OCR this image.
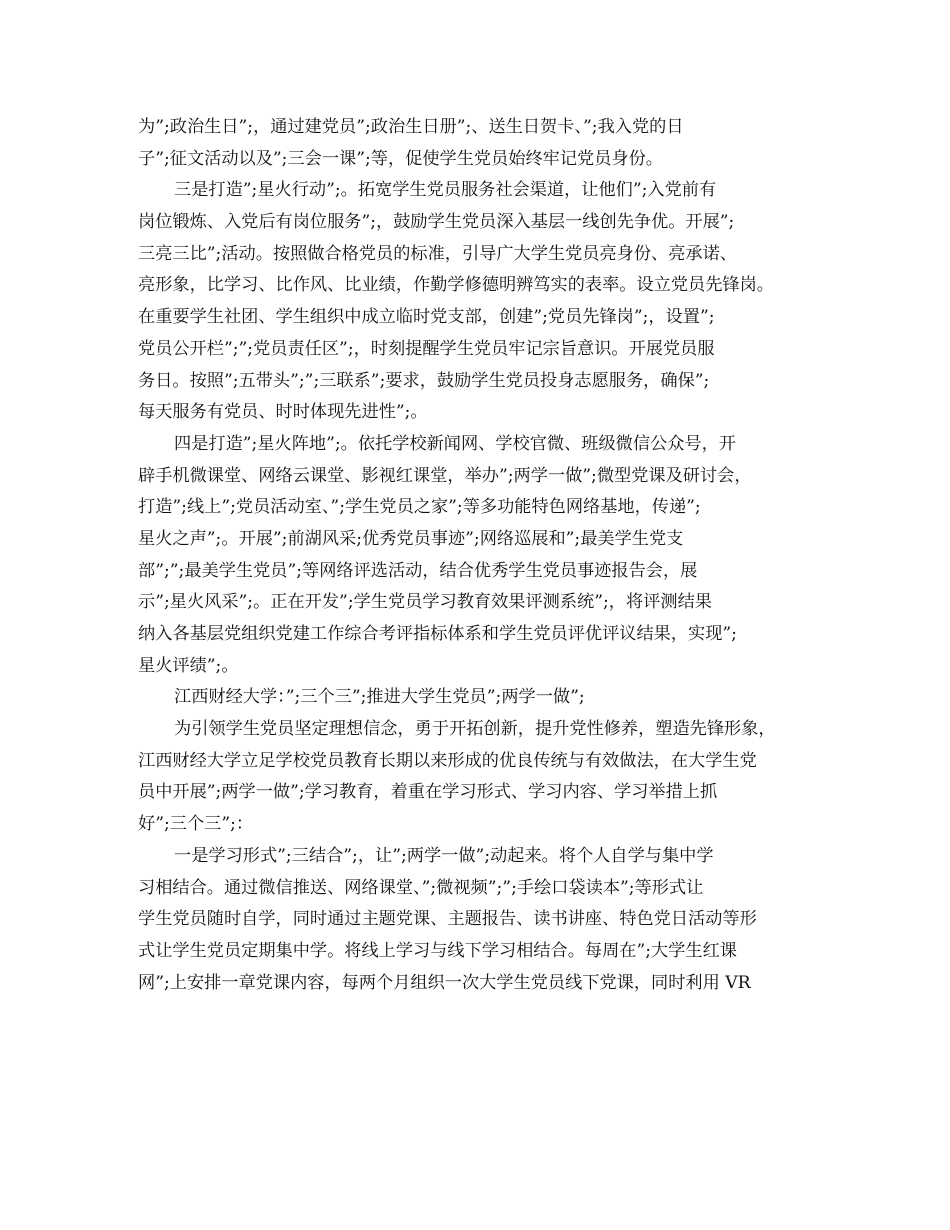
为”;政治生日”;，通过建党员”;政治生日册”;、送生日贺卡、”;我入党的日
子”;征文活动以及”;三会一课”;等，促使学生党员始终牢记党员身份。
三是打造”;星火行动”;。拓宽学生党员服务社会渠道，让他们”;入党前有
岗位锻炼、入党后有岗位服务”;，鼓励学生党员深入基层一线创先争优。开展”;
三亮三比”;活动。按照做合格党员的标准，引导广大学生党员亮身份、亮承诺、
亮形象，比学习、比作风、比业绩，作勤学修德明辨笃实的表率。设立党员先锋岗。
在重要学生社团、学生组织中成立临时党支部，创建”;党员先锋岗”;，设置”;
党员公开栏”;”;党员责任区”;，时刻提醒学生党员牢记宗旨意识。开展党员服
务日。按照”;五带头”;”;三联系”;要求，鼓励学生党员投身志愿服务，确保”;
每天服务有党员、时时体现先进性”;。
四是打造”;星火阵地”;。依托学校新闻网、学校官微、班级微信公众号，开
辟手机微课堂、网络云课堂、影视红课堂，举办”;两学一做”;微型党课及研讨会，
打造”;线上”;党员活动室、”;学生党员之家”;等多功能特色网络基地，传递”;
星火之声”;。开展”;前湖风采;优秀党员事迹”;网络巡展和”;最美学生党支
部”;”;最美学生党员”;等网络评选活动，结合优秀学生党员事迹报告会，展
示”;星火风采”;。正在开发”;学生党员学习教育效果评测系统”;，将评测结果
纳入各基层党组织党建工作综合考评指标体系和学生党员评优评议结果，实现”;
星火评绩”;。
江西财经大学：”;三个三”;推进大学生党员”;两学一做”;
为引领学生党员坚定理想信念，勇于开拓创新，提升党性修养，塑造先锋形象，
江西财经大学立足学校党员教育长期以来形成的优良传统与有效做法，在大学生党
员中开展”;两学一做”;学习教育，着重在学习形式、学习内容、学习举措上抓
好”;三个三”;：
一是学习形式”;三结合”;，让”;两学一做”;动起来。将个人自学与集中学
习相结合。通过微信推送、网络课堂、”;微视频”;”;手绘口袋读本”;等形式让
学生党员随时自学，同时通过主题党课、主题报告、读书讲座、特色党日活动等形
式让学生党员定期集中学。将线上学习与线下学习相结合。每周在”;大学生红课
网”;上安排一章党课内容，每两个月组织一次大学生党员线下党课，同时利用 VR
